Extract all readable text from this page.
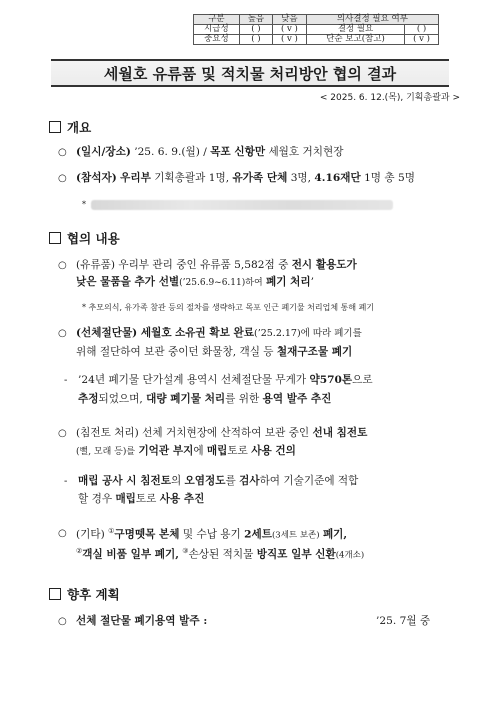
구분	높음	낮음	의사결정 필요 여부	
시급성	( )	( v )	결정 필요	( )
중요성	( )	( v )	단순 보고(참고)	( v )
세월호 유류품 및 적치물 처리방안 협의 결과
< 2025. 6. 12.(목), 기획총괄과 >
개요
○ (일시/장소) ’25. 6. 9.(월) / 목포 신항만 세월호 거치현장
○ (참석자) 우리부 기획총괄과 1명, 유가족 단체 3명, 4.16재단 1명 총 5명
*
협의 내용
○ (유류품) 우리부 관리 중인 유류품 5,582점 중 전시 활용도가
낮은 물품을 추가 선별(’25.6.9~6.11)하여 폐기 처리’
* 추모의식, 유가족 참관 등의 절차를 생략하고 목포 인근 폐기물 처리업체 통해 폐기
○ (선체절단물) 세월호 소유권 확보 완료(’25.2.17)에 따라 폐기를
위해 절단하여 보관 중이던 화물창, 객실 등 철재구조물 폐기
- ’24년 폐기물 단가설계 용역시 선체절단물 무게가 약570톤으로
추정되었으며, 대량 폐기물 처리를 위한 용역 발주 추진
○ (침전토 처리) 선체 거치현장에 산적하여 보관 중인 선내 침전토
(뻘, 모래 등)를 기억관 부지에 매립토로 사용 건의
- 매립 공사 시 침전토의 오염정도를 검사하여 기술기준에 적합
할 경우 매립토로 사용 추진
○ (기타) ①구명뗏목 본체 및 수납 용기 2세트(3세트 보존) 폐기,
②객실 비품 일부 폐기, ③손상된 적치물 방직포 일부 신환(4개소)
향후 계획
○ 선체 절단물 폐기용역 발주 :	’25. 7월 중
